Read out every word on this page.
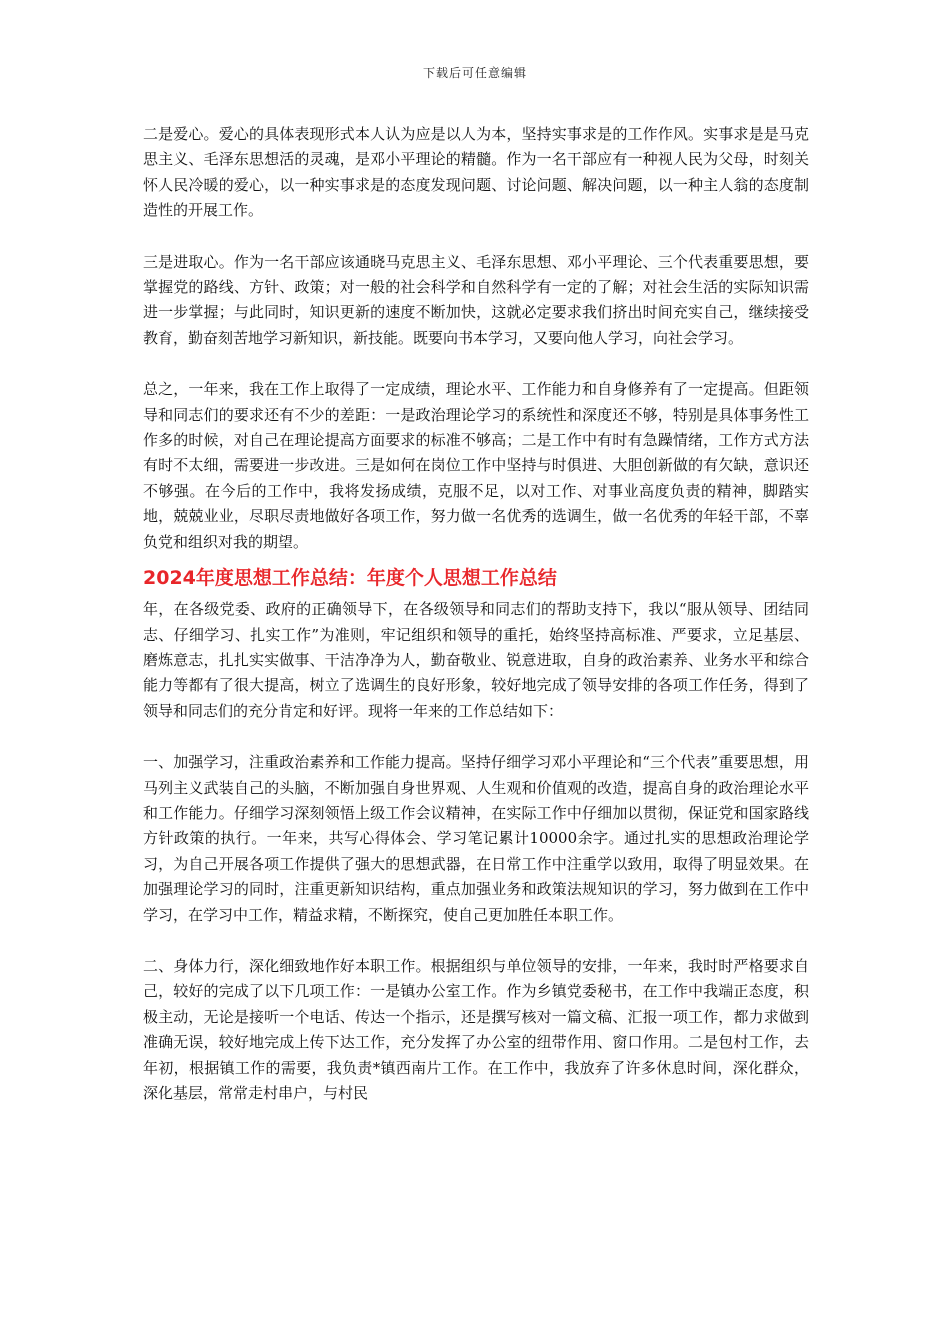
下载后可任意编辑

二是爱心。爱心的具体表现形式本人认为应是以人为本，坚持实事求是的工作作风。实事求是是马克思主义、毛泽东思想活的灵魂，是邓小平理论的精髓。作为一名干部应有一种视人民为父母，时刻关怀人民冷暖的爱心，以一种实事求是的态度发现问题、讨论问题、解决问题，以一种主人翁的态度制造性的开展工作。

三是进取心。作为一名干部应该通晓马克思主义、毛泽东思想、邓小平理论、三个代表重要思想，要掌握党的路线、方针、政策；对一般的社会科学和自然科学有一定的了解；对社会生活的实际知识需进一步掌握；与此同时，知识更新的速度不断加快，这就必定要求我们挤出时间充实自己，继续接受教育，勤奋刻苦地学习新知识，新技能。既要向书本学习，又要向他人学习，向社会学习。

总之，一年来，我在工作上取得了一定成绩，理论水平、工作能力和自身修养有了一定提高。但距领导和同志们的要求还有不少的差距：一是政治理论学习的系统性和深度还不够，特别是具体事务性工作多的时候，对自己在理论提高方面要求的标准不够高；二是工作中有时有急躁情绪，工作方式方法有时不太细，需要进一步改进。三是如何在岗位工作中坚持与时俱进、大胆创新做的有欠缺，意识还不够强。在今后的工作中，我将发扬成绩，克服不足，以对工作、对事业高度负责的精神，脚踏实地，兢兢业业，尽职尽责地做好各项工作，努力做一名优秀的选调生，做一名优秀的年轻干部，不辜负党和组织对我的期望。

2024年度思想工作总结：年度个人思想工作总结

年，在各级党委、政府的正确领导下，在各级领导和同志们的帮助支持下，我以“服从领导、团结同志、仔细学习、扎实工作”为准则，牢记组织和领导的重托，始终坚持高标准、严要求，立足基层、磨炼意志，扎扎实实做事、干洁净净为人，勤奋敬业、锐意进取，自身的政治素养、业务水平和综合能力等都有了很大提高，树立了选调生的良好形象，较好地完成了领导安排的各项工作任务，得到了领导和同志们的充分肯定和好评。现将一年来的工作总结如下：

一、加强学习，注重政治素养和工作能力提高。坚持仔细学习邓小平理论和“三个代表”重要思想，用马列主义武装自己的头脑，不断加强自身世界观、人生观和价值观的改造，提高自身的政治理论水平和工作能力。仔细学习深刻领悟上级工作会议精神，在实际工作中仔细加以贯彻，保证党和国家路线方针政策的执行。一年来，共写心得体会、学习笔记累计10000余字。通过扎实的思想政治理论学习，为自己开展各项工作提供了强大的思想武器，在日常工作中注重学以致用，取得了明显效果。在加强理论学习的同时，注重更新知识结构，重点加强业务和政策法规知识的学习，努力做到在工作中学习，在学习中工作，精益求精，不断探究，使自己更加胜任本职工作。

二、身体力行，深化细致地作好本职工作。根据组织与单位领导的安排，一年来，我时时严格要求自己，较好的完成了以下几项工作：一是镇办公室工作。作为乡镇党委秘书，在工作中我端正态度，积极主动，无论是接听一个电话、传达一个指示，还是撰写核对一篇文稿、汇报一项工作，都力求做到准确无误，较好地完成上传下达工作，充分发挥了办公室的纽带作用、窗口作用。二是包村工作，去年初，根据镇工作的需要，我负责*镇西南片工作。在工作中，我放弃了许多休息时间，深化群众，深化基层，常常走村串户，与村民
